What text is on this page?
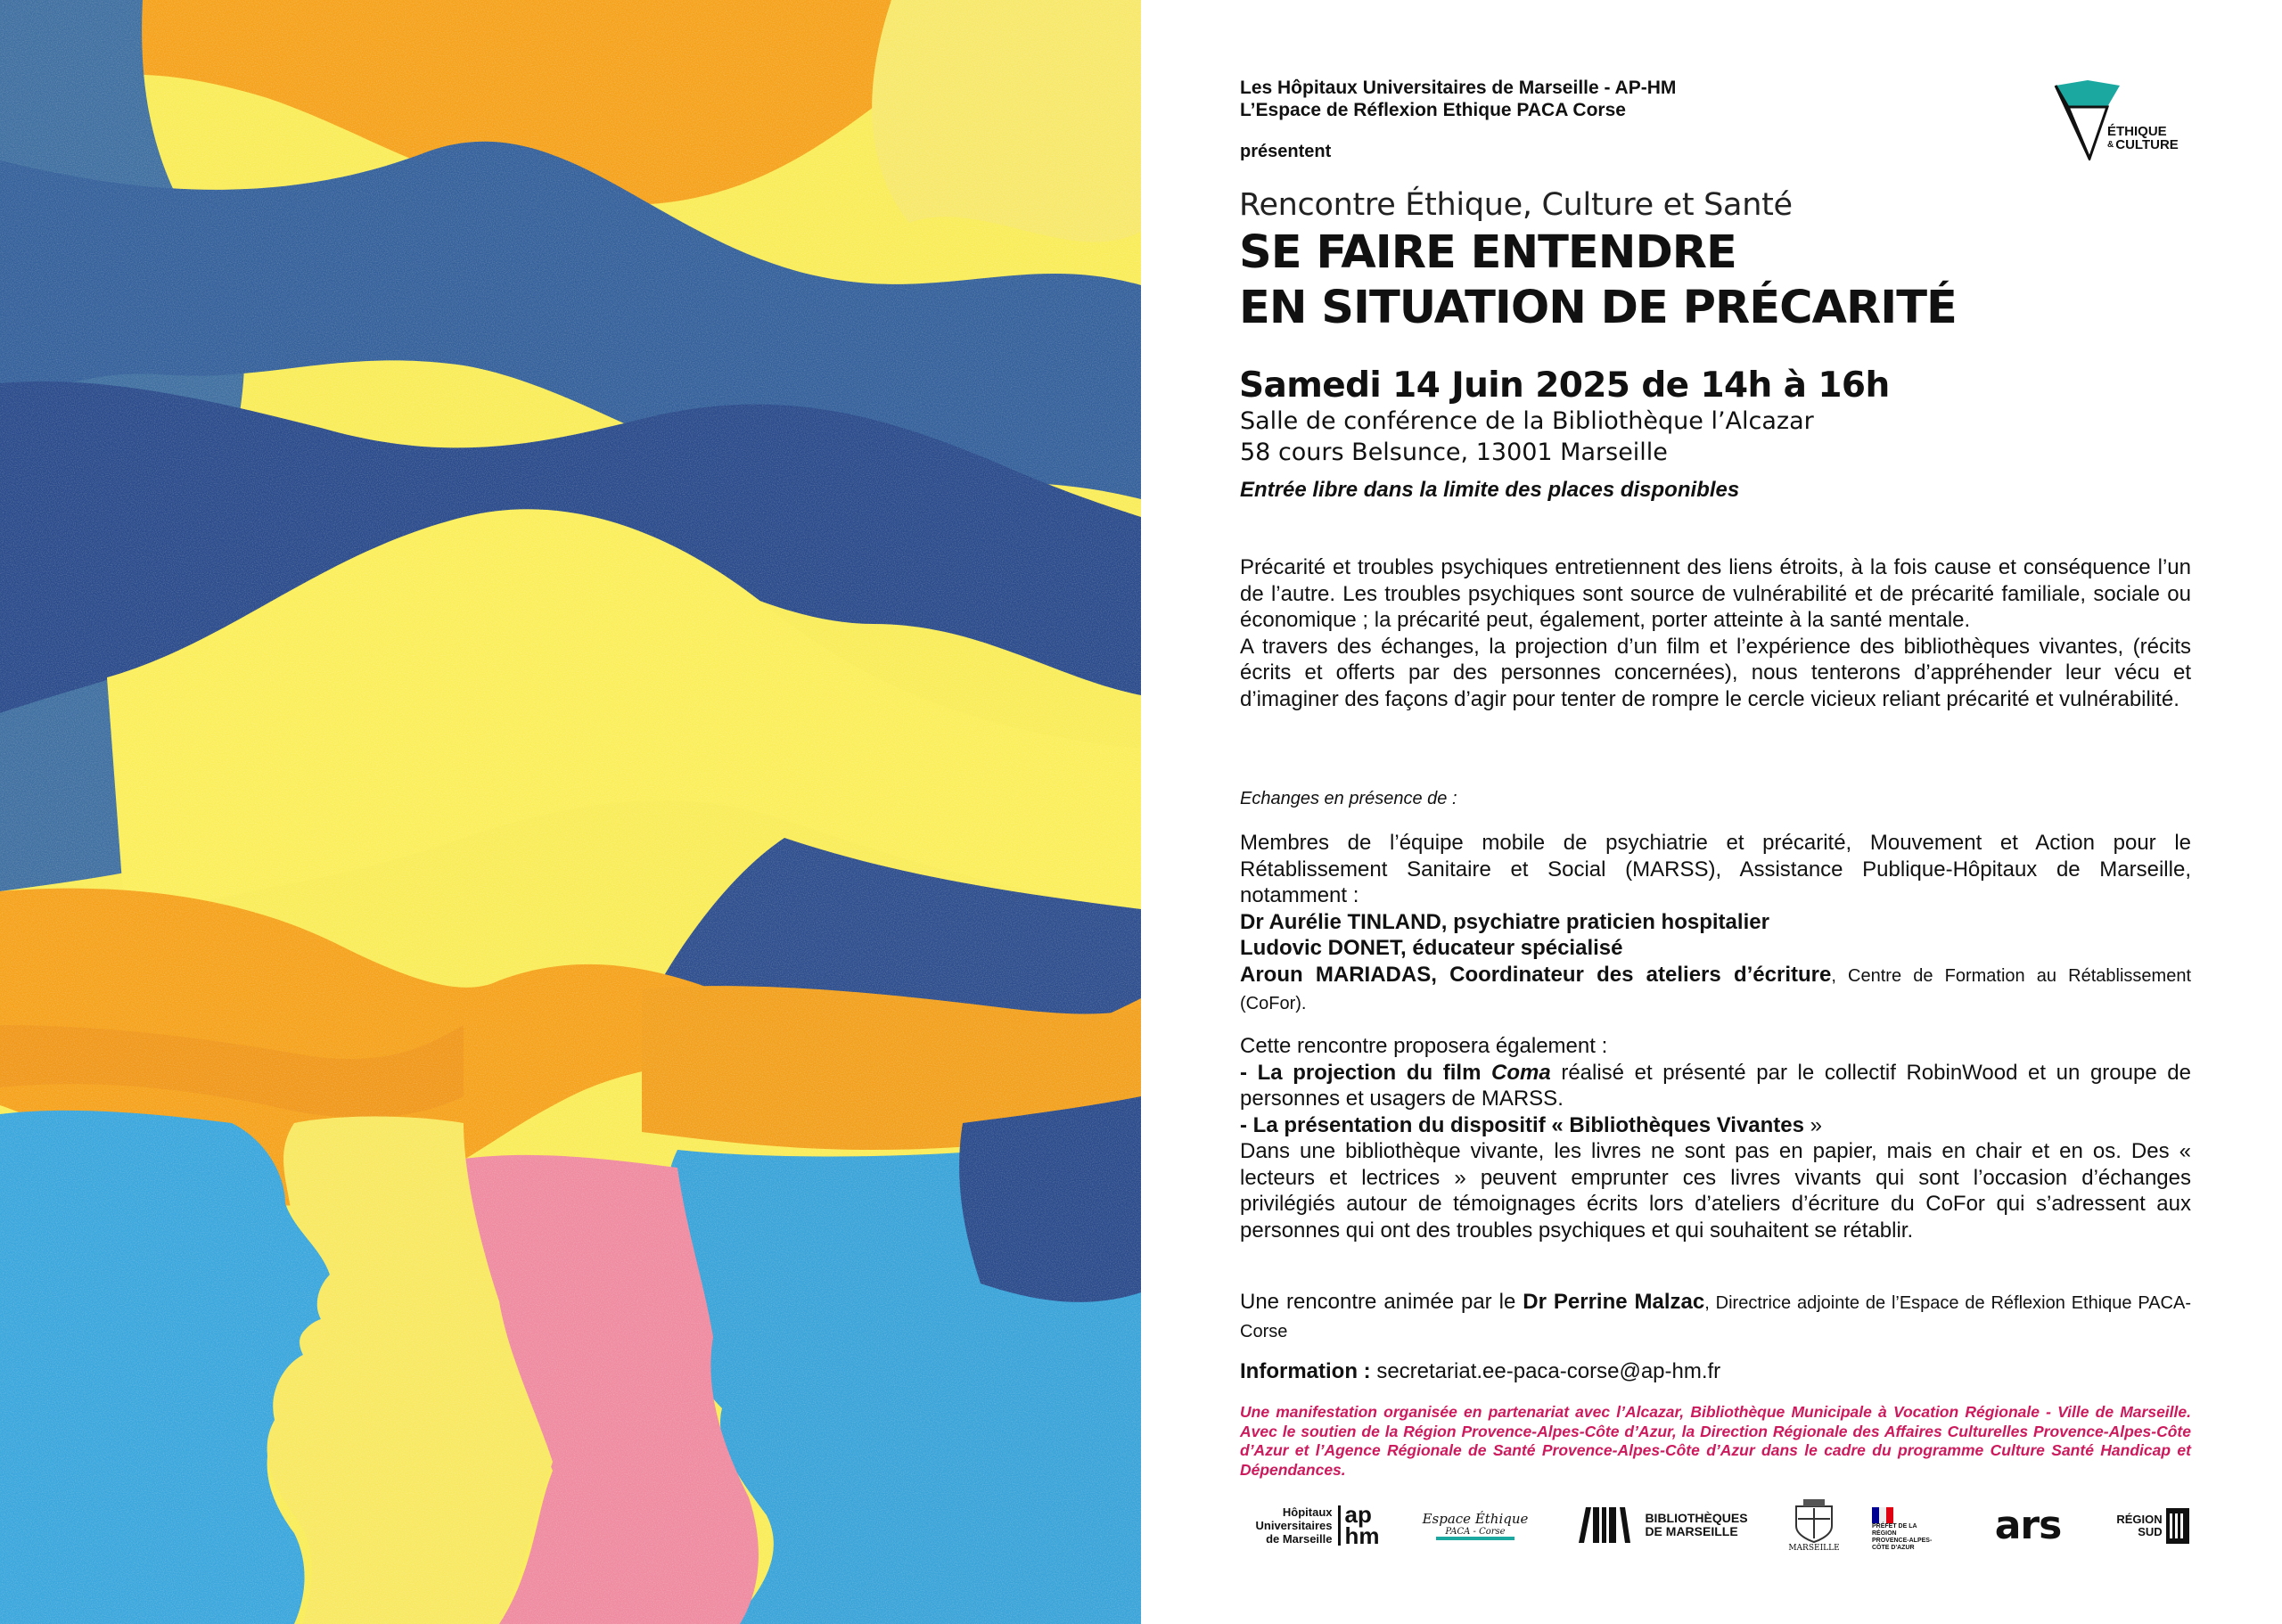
Les Hôpitaux Universitaires de Marseille - AP-HM
L’Espace de Réflexion Ethique PACA Corse
présentent
ÉTHIQUE
& CULTURE
Rencontre Éthique, Culture et Santé
SE FAIRE ENTENDRE
EN SITUATION DE PRÉCARITÉ
Samedi 14 Juin 2025 de 14h à 16h
Salle de conférence de la Bibliothèque l’Alcazar
58 cours Belsunce, 13001 Marseille
Entrée libre dans la limite des places disponibles

Précarité et troubles psychiques entretiennent des liens étroits, à la fois cause et conséquence l’un de l’autre. Les troubles psychiques sont source de vulnérabilité et de précarité familiale, sociale ou économique ; la précarité peut, également, porter atteinte à la santé mentale.

A travers des échanges, la projection d’un film et l’expérience des bibliothèques vivantes, (récits écrits et offerts par des personnes concernées), nous tenterons d’appréhender leur vécu et d’imaginer des façons d’agir pour tenter de rompre le cercle vicieux reliant précarité et vulnérabilité.

Echanges en présence de :

Membres de l’équipe mobile de psychiatrie et précarité, Mouvement et Action pour le Rétablissement Sanitaire et Social (MARSS), Assistance Publique-Hôpitaux de Marseille, notamment :

Dr Aurélie TINLAND, psychiatre praticien hospitalier

Ludovic DONET, éducateur spécialisé

Aroun MARIADAS, Coordinateur des ateliers d’écriture, Centre de Formation au Rétablissement (CoFor).

Cette rencontre proposera également :

- La projection du film Coma réalisé et présenté par le collectif RobinWood et un groupe de personnes et usagers de MARSS.

- La présentation du dispositif « Bibliothèques Vivantes »

Dans une bibliothèque vivante, les livres ne sont pas en papier, mais en chair et en os. Des « lecteurs et lectrices » peuvent emprunter ces livres vivants qui sont l’occasion d’échanges privilégiés autour de témoignages écrits lors d’ateliers d’écriture du CoFor qui s’adressent aux personnes qui ont des troubles psychiques et qui souhaitent se rétablir.

Une rencontre animée par le Dr Perrine Malzac, Directrice adjointe de l’Espace de Réflexion Ethique PACA-Corse

Information : secretariat.ee-paca-corse@ap-hm.fr
Une manifestation organisée en partenariat avec l’Alcazar, Bibliothèque Municipale à Vocation Régionale - Ville de Marseille. Avec le soutien de la Région Provence-Alpes-Côte d’Azur, la Direction Régionale des Affaires Culturelles Provence-Alpes-Côte d’Azur et l’Agence Régionale de Santé Provence-Alpes-Côte d’Azur dans le cadre du programme Culture Santé Handicap et Dépendances.
Hôpitaux
Universitaires
de Marseille
ap
hm
Espace Éthique
PACA - Corse
BIBLIOTHÈQUES
DE MARSEILLE
MARSEILLE
PRÉFET DE LA RÉGION PROVENCE-ALPES-CÔTE D'AZUR	ars	RÉGION
SUD
